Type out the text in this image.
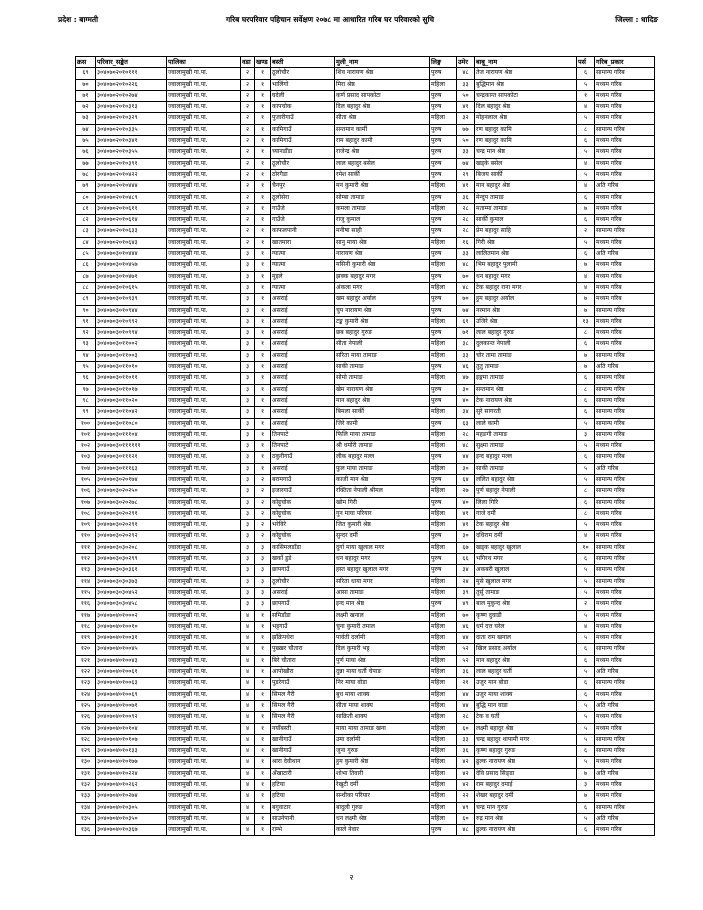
प्रदेश : बाग्मती	गरिब घरपरिवार पहिचान सर्वेक्षण २०७८ मा आधारित गरिब घर परिवारको सुचि	जिल्ला : धादिङ
क्रस	परिवार_सङ्केत	पालिका	वडा	खण्ड	बस्ती	मुली_नाम	लिङ्ग	उमेर	बाबु_नाम	पर्स	गरिब_प्रकार
६९	३०४०७०२०१०१११	ज्वालामुखी गा.पा.	२	१	ठूलोचौर	शिव नारायण श्रेष्ठ	पुरुष	४८	तेज नारायण श्रेष्ठ	६	सामान्य गरिब
७०	३०४०७०२०१०२२६	ज्वालामुखी गा.पा.	२	१	भालिंगो	मिरा श्रेष्ठ	महिला	३३	बुद्धिमान श्रेष्ठ	५	मध्यम गरिब
७१	३०४०७०२०१०२७४	ज्वालामुखी गा.पा.	२	१	घदेली	कर्ण प्रसाद सापकोटा	पुरुष	५०	चन्द्रकान्त सापकोटा	१	मध्यम गरिब
७२	३०४०७०२०१०३१३	ज्वालामुखी गा.पा.	२	१	कापचोक	दिल बहादुर श्रेष्ठ	पुरुष	४१	दिल बहादुर श्रेष्ठ	४	मध्यम गरिब
७३	३०४०७०२०१०३२९	ज्वालामुखी गा.पा.	२	१	पुजारीगाउँ	सीता श्रेष्ठ	महिला	३२	मोहनलाल श्रेष्ठ	५	मध्यम गरिब
७४	३०४०७०२०१०३३५	ज्वालामुखी गा.पा.	२	१	कामिगाउँ	सन्तमान कार्मी	पुरुष	७७	रण बहादुर कामि	८	सामान्य गरिब
७५	३०४०७०२०१०३४१	ज्वालामुखी गा.पा.	२	१	कामिगाउँ	राम बहादुर कामी	पुरुष	५०	रण बहादुर कामि	६	मध्यम गरिब
७६	३०४०७०२०१०३५५	ज्वालामुखी गा.पा.	२	१	च्यानडाँडा	राजेन्द्र श्रेष्ठ	पुरुष	३३	चन्द्र मान श्रेष्ठ	५	मध्यम गरिब
७७	३०४०७०२०१०३९१	ज्वालामुखी गा.पा.	२	१	ठूलोचौर	लाल बहादुर बसेल	पुरुष	७४	खड्के बसेल	४	मध्यम गरिब
७८	३०४०७०२०१०४२२	ज्वालामुखी गा.पा.	२	१	ठोरगैडा	रमेश सार्की	पुरुष	२९	बिजय सार्की	५	मध्यम गरिब
७९	३०४०७०२०१०४४४	ज्वालामुखी गा.पा.	२	१	चैनपुर	मन कुमारी श्रेष्ठ	महिला	४१	मान बहादुर श्रेष्ठ	४	अति गरिब
८०	३०४०७०२०१०४८९	ज्वालामुखी गा.पा.	२	१	ठूलोसेरा	सोम्बा तामाङ	पुरुष	३६	मेन्दुप तामाङ	६	मध्यम गरिब
८१	३०४०७०२०१०६११	ज्वालामुखी गा.पा.	२	१	गाउँजे	कमला तामाङ	महिला	२८	मताम्मा तामाङ	७	मध्यम गरिब
८२	३०४०७०२०१०६१४	ज्वालामुखी गा.पा.	२	१	गाउँजे	राजु कुमाल	पुरुष	२८	सार्की कुमाल	६	मध्यम गरिब
८३	३०४०७०२०१०६३३	ज्वालामुखी गा.पा.	२	१	काफलपानी	मनीषा साही	पुरुष	२८	प्रेम बहादुर साहि	२	सामान्य गरिब
८४	३०४०७०२०१०६४३	ज्वालामुखी गा.पा.	२	१	खातमारा	सानु माया श्रेष्ठ	महिला	१६	गिरी श्रेष्ठ	५	मध्यम गरिब
८५	३०४०७०३०१०४४४	ज्वालामुखी गा.पा.	३	१	ग्यात्मा	नारायण श्रेष्ठ	पुरुष	३३	लालितमान श्रेष्ठ	६	अति गरिब
८६	३०४०७०३०१०४५७	ज्वालामुखी गा.पा.	३	१	ग्यात्मा	मसिनी कुमारी श्रेष्ठ	महिला	४८	भिम बहादुर पुलामी	७	मध्यम गरिब
८७	३०४०७०३०१०४७१	ज्वालामुखी गा.पा.	३	१	मुइले	झक्क बहादुर मगर	पुरुष	७०	धन बहादुर मगर	४	मध्यम गरिब
८८	३०४०७०३०१०६१५	ज्वालामुखी गा.पा.	३	१	ग्यात्मा	अंकला मगर	महिला	४८	टेक बहादुर राना मगर	४	मध्यम गरिब
८९	३०४०७०३०१०९३९	ज्वालामुखी गा.पा.	३	१	असराई	खम बहादुर अर्याल	पुरुष	७०	हुम बहादुर अर्याल	७	मध्यम गरिब
९०	३०४०७०३०१०९४४	ज्वालामुखी गा.पा.	३	१	असराई	चुप नारायण श्रेष्ठ	पुरुष	७४	नरमान श्रेष्ठ	७	सामान्य गरिब
९१	३०४०७०३०१०९९२	ज्वालामुखी गा.पा.	३	१	असराई	टङ्क कुमारी श्रेष्ठ	महिला	६१	उजिरे श्रेष्ठ	१३	मध्यम गरिब
९२	३०४०७०३०१०९९४	ज्वालामुखी गा.पा.	३	१	असराई	छब बहादुर गुरुङ	पुरुष	७१	लाल बहादुर गुरुङ	८	मध्यम गरिब
९३	३०४०७०३०११००२	ज्वालामुखी गा.पा.	३	१	असराई	सीता नेपाली	महिला	३८	दुलकान्त नेपाली	६	मध्यम गरिब
९४	३०४०७०३०११००३	ज्वालामुखी गा.पा.	३	१	असराई	सरिता माया तामाङ	महिला	३३	चोर तामा तामाङ	७	सामान्य गरिब
९५	३०४०७०३०११०१०	ज्वालामुखी गा.पा.	३	१	असराई	साकी तामाङ	पुरुष	४६	तुतु तामाङ	७	अति गरिब
९६	३०४०७०३०११०११	ज्वालामुखी गा.पा.	३	१	असराई	सोमो तामाङ	महिला	४७	इङ्गमा तामाङ	६	सामान्य गरिब
९७	३०४०७०३०११०१७	ज्वालामुखी गा.पा.	३	१	असराई	खेम नारायण श्रेष्ठ	पुरुष	३०	सन्तमान श्रेष्ठ	८	सामान्य गरिब
९८	३०४०७०३०११०२०	ज्वालामुखी गा.पा.	३	१	असराई	मान बहादुर श्रेष्ठ	पुरुष	४०	टेक नारायण श्रेष्ठ	६	सामान्य गरिब
९९	३०४०७०३०११०४२	ज्वालामुखी गा.पा.	३	१	असराई	बिमला सार्की	महिला	३४	सुरे सागरती	६	सामान्य गरिब
१००	३०४०७०३०११०८०	ज्वालामुखी गा.पा.	३	१	असराई	जिरे कामी	पुरुष	६३	लाले कामी	५	सामान्य गरिब
१०१	३०४०७०३०१११०४	ज्वालामुखी गा.पा.	३	१	तिनपाटे	फिलि माया तामाङ	महिला	२८	महङगी तामाङ	३	सामान्य गरिब
१०२	३०४०७०३०११११११	ज्वालामुखी गा.पा.	३	१	तिनपाटे	श्री धर्मोरी तामाङ	महिला	४८	सुक्ष्मा तामाङ	५	मध्यम गरिब
१०३	३०४०७०३०१११२१	ज्वालामुखी गा.पा.	३	१	ठकुरीगाउँ	लीक बहादुर मल्ल	पुरुष	४४	इन्द बहादुर मल्ल	६	सामान्य गरिब
१०४	३०४०७०३०१११६३	ज्वालामुखी गा.पा.	३	१	असराई	फुल माया तामाङ	महिला	३०	साकी तामाङ	५	अति गरिब
१०५	३०४०७०३०२०१७४	ज्वालामुखी गा.पा.	३	२	बरामगाउँ	काजी मान श्रेष्ठ	पुरुष	६४	ललित बहादुर श्रेष्ठ	५	सामान्य गरिब
१०६	३०४०७०३०२०२५०	ज्वालामुखी गा.पा.	३	२	इजारगाउँ	रक्तिता नेपाली श्रीमल	महिला	२७	पुर्ण बहादुर नेपाली	८	सामान्य गरिब
१०७	३०४०७०३०२०२७८	ज्वालामुखी गा.पा.	३	२	कोट्टुचोक	खोम गिरी	पुरुष	४०	लिला गिरि	६	सामान्य गरिब
१०८	३०४०७०३०२०२९१	ज्वालामुखी गा.पा.	३	२	कोट्टुचोक	गुन माया परियार	महिला	४१	गाजे दर्मी	८	मध्यम गरिब
१०९	३०४०७०३०२०२९१	ज्वालामुखी गा.पा.	३	२	भरेविरे	जित कुमारी श्रेष्ठ	महिला	४१	टेक बहादुर श्रेष्ठ	५	मध्यम गरिब
११०	३०४०७०३०२०२९२	ज्वालामुखी गा.पा.	३	२	कोट्टुचोक	सुन्दर दर्मी	पुरुष	३०	दधिराम दर्मी	४	मध्यम गरिब
१११	३०४०७०३०३०२०८	ज्वालामुखी गा.पा.	३	३	कासिमलडाँडा	दुर्गा माया खुलाल मगर	महिला	६७	खड्क बहादुर खुलाल	१०	सामान्य गरिब
११२	३०४०७०३०३०२९९	ज्वालामुखी गा.पा.	३	३	खर्को डुडे	धन बहादुर मगर	पुरुष	६६	भगिरथ मगर	६	सामान्य गरिब
११३	३०४०७०३०३०३६१	ज्वालामुखी गा.पा.	३	३	छापगाउँ	हस्त बहादुर खुलाल मगर	पुरुष	३४	अकबरी खुलाल	५	सामान्य गरिब
११४	३०४०७०३०३०३७३	ज्वालामुखी गा.पा.	३	३	ठूलोचौर	सरिता धाया मगर	महिला	२४	मुसे खुलाल मगर	५	सामान्य गरिब
११५	३०४०७०३०३०४५२	ज्वालामुखी गा.पा.	३	३	असराई	आसा तामाङ	महिला	३९	तुर्सु तामाङ	५	मध्यम गरिब
११६	३०४०७०३०३०४५८	ज्वालामुखी गा.पा.	३	३	छापगाउँ	इन्द मान श्रेष्ठ	पुरुष	४९	बाल मुकुन्द श्रेष्ठ	२	मध्यम गरिब
११७	३०४०७०४०१०००२	ज्वालामुखी गा.पा.	४	१	समिडाँडा	लक्ष्मी खनाल	महिला	७०	कृष्ण दुवाडी	५	मध्यम गरिब
११८	३०४०७०४०१००१०	ज्वालामुखी गा.पा.	४	१	भट्टगाउँ	चुना कुमारी तमाल	महिला	४६	धर्म दत्त घरेल	४	मध्यम गरिब
११९	३०४०७०४०१००३१	ज्वालामुखी गा.पा.	४	१	झाँक्रेपधेरा	पार्वती दर्लामी	महिला	४४	दाता राम खनाल	५	मध्यम गरिब
१२०	३०४०७०४०१००४५	ज्वालामुखी गा.पा.	४	१	पुख्खर चौतारा	दिल कुमारी भट्ट	महिला	५२	खिल प्रसाद अर्याल	६	सामान्य गरिब
१२१	३०४०७०४०१००४३	ज्वालामुखी गा.पा.	४	१	बिरे चौतारा	पुर्ण माया श्रेष्ठ	महिला	५२	मान बहादुर श्रेष्ठ	६	मध्यम गरिब
१२२	३०४०७०४०१००६१	ज्वालामुखी गा.पा.	४	१	आपोखौरा	दुन्ना माया घर्ती चेपाङ	महिला	३६	लाल बहादुर घर्ती	५	अति गरिब
१२३	३०४०७०४०१००६३	ज्वालामुखी गा.पा.	४	१	पुडरेगाउँ	निर माया वोडा	महिला	२१	उजुर मान बोडा	६	सामान्य गरिब
१२४	३०४०७०४०१००६९	ज्वालामुखी गा.पा.	४	१	सिमल गैरी	बुध माया शाक्य	महिला	४४	उजुर माया शाक्य	६	मध्यम गरिब
१२५	३०४०७०४०१००७१	ज्वालामुखी गा.पा.	४	१	सिमल गैरी	सीता माया शाक्य	महिला	४४	बुद्धि मान वाडा	५	अति गरिब
१२६	३०४०७०४०१००९२	ज्वालामुखी गा.पा.	४	१	सिमल गैरी	साक्रिती शाक्य	महिला	२८	टेक व घर्ती	५	मध्यम गरिब
१२७	३०४०७०४०१०१०४	ज्वालामुखी गा.पा.	४	१	नयाँबस्ती	माया माया तामाङ खना	महिला	६०	लक्ष्मी बहादुर श्रेष्ठ	५	मध्यम गरिब
१२८	३०४०७०४०१०१०७	ज्वालामुखी गा.पा.	४	१	खानीगाउँ	उमा दर्लामी	महिला	३३	चन्द्र बहादुर थापामी मगर	५	सामान्य गरिब
१२९	३०४०७०४०१०१३३	ज्वालामुखी गा.पा.	४	१	खानीगाउँ	जुना गुरुङ	महिला	३६	कृष्ण बहादुर गुरुङ	६	सामान्य गरिब
१३०	३०४०७०४०१०१७७	ज्वालामुखी गा.पा.	४	१	श्रारा देवीथान	हुम कुमारी श्रेष्ठ	महिला	४२	ढुल्क नारायण श्रेष्ठ	५	मध्यम गरिब
१३१	३०४०७०४०१०२२४	ज्वालामुखी गा.पा.	४	१	अँखाटारी	शोभा तिवारी	महिला	४२	देवि प्रसाद सिङ्डा	७	अति गरिब
१३२	३०४०७०४०१०२६२	ज्वालामुखी गा.पा.	४	१	हटिया	रेखुटी दर्मी	महिला	४२	राम बहादुर दमाई	३	मध्यम गरिब
१३३	३०४०७०४०१०२७४	ज्वालामुखी गा.पा.	४	१	हटिया	सन्धीका परियार	महिला	२२	शेखर बहादुर दर्मी	७	मध्यम गरिब
१३४	३०४०७०४०१०३०५	ज्वालामुखी गा.पा.	४	१	बगुवाटार	बादुली गुरुङ	महिला	४९	चन्द्र मान गुरुङ	६	सामान्य गरिब
१३५	३०४०७०४०१०३५०	ज्वालामुखी गा.पा.	४	१	साउनेपानी	धन लक्ष्मी श्रेष्ठ	महिला	६०	रुद्र मान श्रेष्ठ	५	अति गरिब
१३६	३०४०७०४०१०३६७	ज्वालामुखी गा.पा.	४	१	राम्भे	काले नेवार	पुरुष	४८	ढुल्क नारायण श्रेष्ठ	६	मध्यम गरिब
२
